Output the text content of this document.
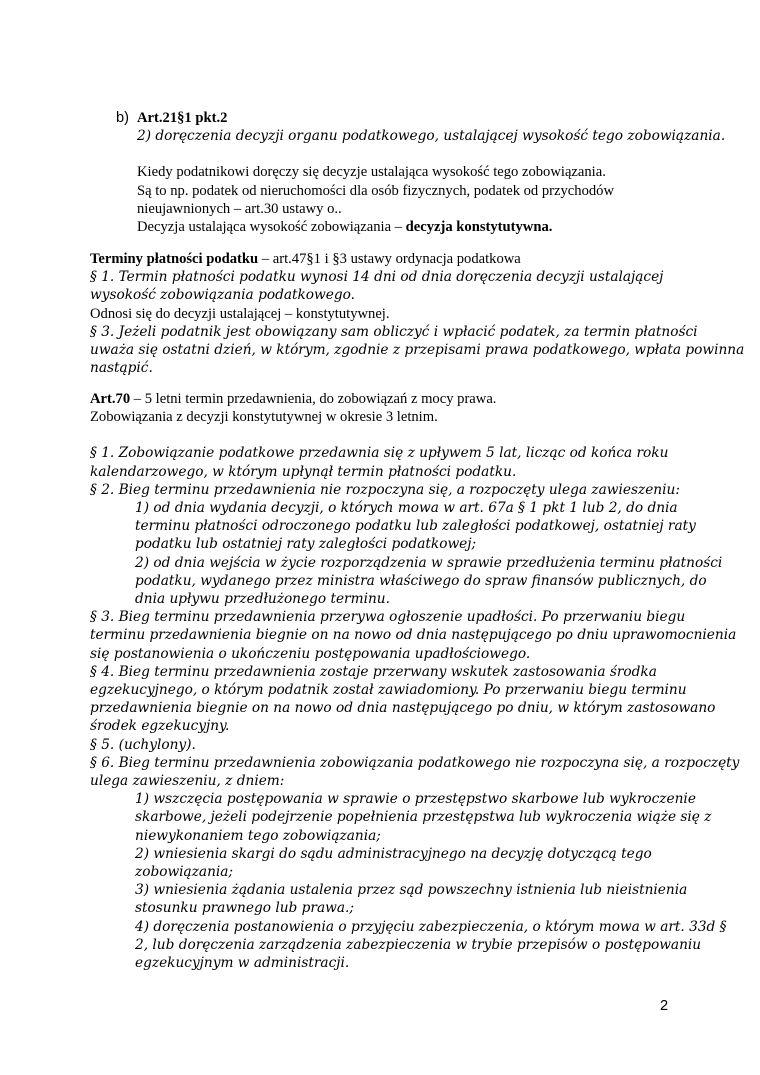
b) Art.21§1 pkt.2
2) doręczenia decyzji organu podatkowego, ustalającej wysokość tego zobowiązania.
Kiedy podatnikowi doręczy się decyzje ustalająca wysokość tego zobowiązania.
Są to np. podatek od nieruchomości dla osób fizycznych, podatek od przychodów
nieujawnionych – art.30 ustawy o..
Decyzja ustalająca wysokość zobowiązania – decyzja konstytutywna.
Terminy płatności podatku – art.47§1 i §3 ustawy ordynacja podatkowa
§ 1. Termin płatności podatku wynosi 14 dni od dnia doręczenia decyzji ustalającej
wysokość zobowiązania podatkowego.
Odnosi się do decyzji ustalającej – konstytutywnej.
§ 3. Jeżeli podatnik jest obowiązany sam obliczyć i wpłacić podatek, za termin płatności
uważa się ostatni dzień, w którym, zgodnie z przepisami prawa podatkowego, wpłata powinna
nastąpić.
Art.70 – 5 letni termin przedawnienia, do zobowiązań z mocy prawa.
Zobowiązania z decyzji konstytutywnej w okresie 3 letnim.
§ 1. Zobowiązanie podatkowe przedawnia się z upływem 5 lat, licząc od końca roku
kalendarzowego, w którym upłynął termin płatności podatku.
§ 2. Bieg terminu przedawnienia nie rozpoczyna się, a rozpoczęty ulega zawieszeniu:
1) od dnia wydania decyzji, o których mowa w art. 67a § 1 pkt 1 lub 2, do dnia
terminu płatności odroczonego podatku lub zaległości podatkowej, ostatniej raty
podatku lub ostatniej raty zaległości podatkowej;
2) od dnia wejścia w życie rozporządzenia w sprawie przedłużenia terminu płatności
podatku, wydanego przez ministra właściwego do spraw finansów publicznych, do
dnia upływu przedłużonego terminu.
§ 3. Bieg terminu przedawnienia przerywa ogłoszenie upadłości. Po przerwaniu biegu
terminu przedawnienia biegnie on na nowo od dnia następującego po dniu uprawomocnienia
się postanowienia o ukończeniu postępowania upadłościowego.
§ 4. Bieg terminu przedawnienia zostaje przerwany wskutek zastosowania środka
egzekucyjnego, o którym podatnik został zawiadomiony. Po przerwaniu biegu terminu
przedawnienia biegnie on na nowo od dnia następującego po dniu, w którym zastosowano
środek egzekucyjny.
§ 5. (uchylony).
§ 6. Bieg terminu przedawnienia zobowiązania podatkowego nie rozpoczyna się, a rozpoczęty
ulega zawieszeniu, z dniem:
1) wszczęcia postępowania w sprawie o przestępstwo skarbowe lub wykroczenie
skarbowe, jeżeli podejrzenie popełnienia przestępstwa lub wykroczenia wiąże się z
niewykonaniem tego zobowiązania;
2) wniesienia skargi do sądu administracyjnego na decyzję dotyczącą tego
zobowiązania;
3) wniesienia żądania ustalenia przez sąd powszechny istnienia lub nieistnienia
stosunku prawnego lub prawa.;
4) doręczenia postanowienia o przyjęciu zabezpieczenia, o którym mowa w art. 33d §
2, lub doręczenia zarządzenia zabezpieczenia w trybie przepisów o postępowaniu
egzekucyjnym w administracji.
2
